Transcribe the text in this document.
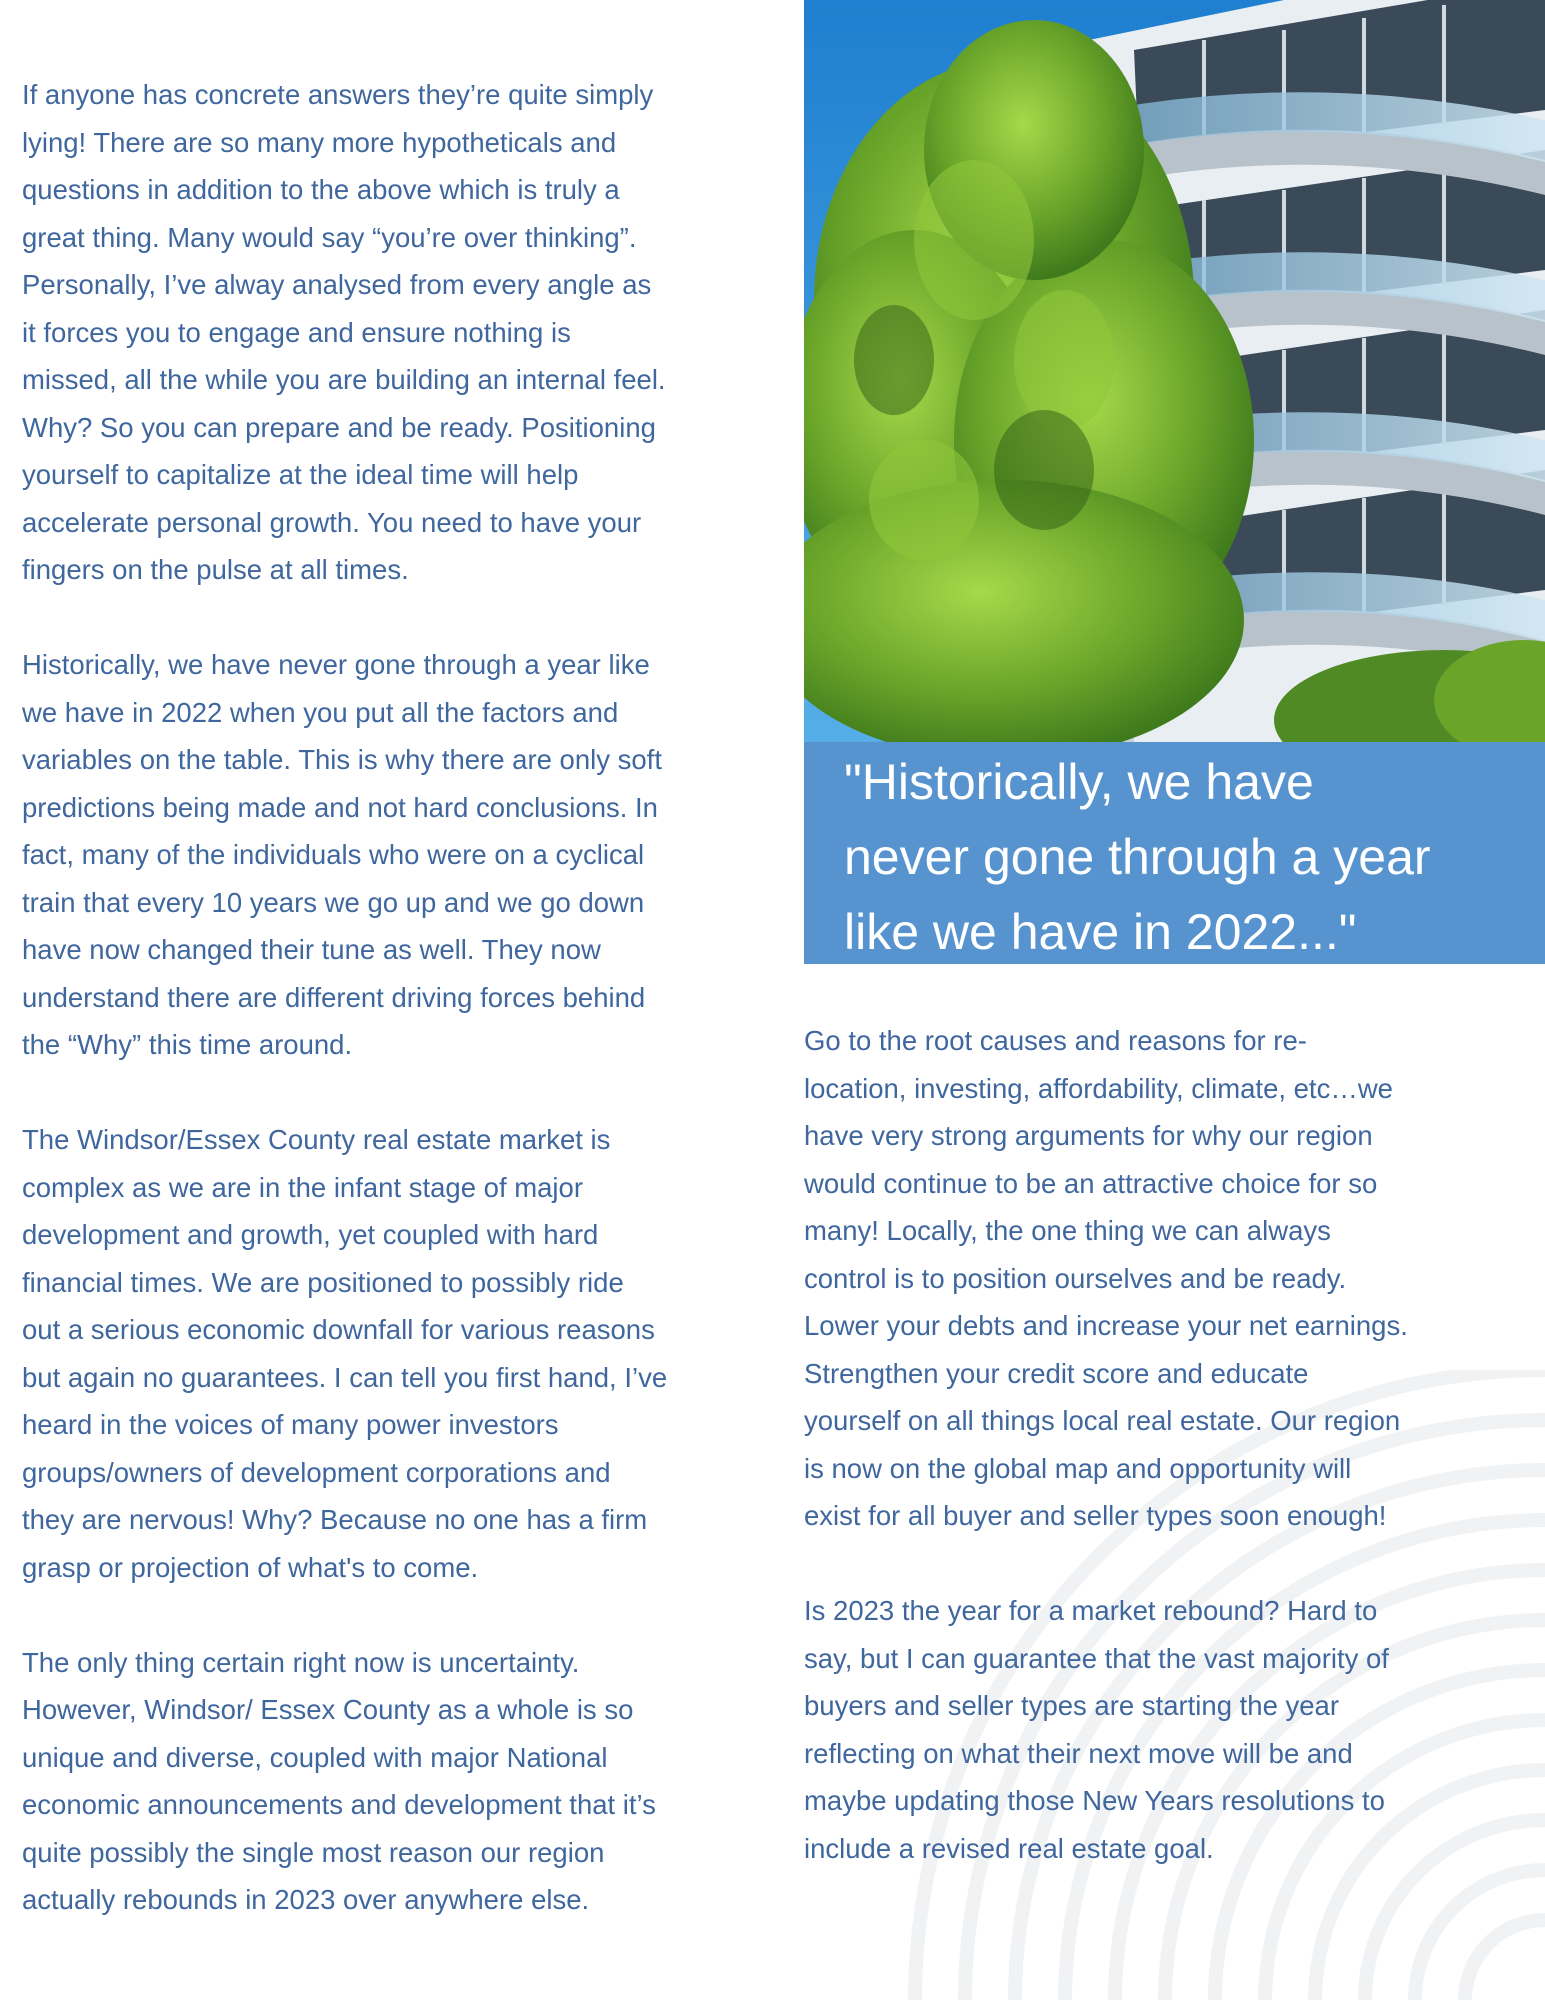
If anyone has concrete answers they’re quite simply
lying! There are so many more hypotheticals and
questions in addition to the above which is truly a
great thing. Many would say “you’re over thinking”.
Personally, I’ve alway analysed from every angle as
it forces you to engage and ensure nothing is
missed, all the while you are building an internal feel.
Why? So you can prepare and be ready. Positioning
yourself to capitalize at the ideal time will help
accelerate personal growth. You need to have your
fingers on the pulse at all times.

Historically, we have never gone through a year like
we have in 2022 when you put all the factors and
variables on the table. This is why there are only soft
predictions being made and not hard conclusions. In
fact, many of the individuals who were on a cyclical
train that every 10 years we go up and we go down
have now changed their tune as well. They now
understand there are different driving forces behind
the “Why” this time around.

The Windsor/Essex County real estate market is
complex as we are in the infant stage of major
development and growth, yet coupled with hard
financial times. We are positioned to possibly ride
out a serious economic downfall for various reasons
but again no guarantees. I can tell you first hand, I’ve
heard in the voices of many power investors
groups/owners of development corporations and
they are nervous! Why? Because no one has a firm
grasp or projection of what's to come.

The only thing certain right now is uncertainty.
However, Windsor/ Essex County as a whole is so
unique and diverse, coupled with major National
economic announcements and development that it’s
quite possibly the single most reason our region
actually rebounds in 2023 over anywhere else.

"Historically, we have
never gone through a year
like we have in 2022..."

Go to the root causes and reasons for re-
location, investing, affordability, climate, etc…we
have very strong arguments for why our region
would continue to be an attractive choice for so
many! Locally, the one thing we can always
control is to position ourselves and be ready.
Lower your debts and increase your net earnings.
Strengthen your credit score and educate
yourself on all things local real estate. Our region
is now on the global map and opportunity will
exist for all buyer and seller types soon enough!

Is 2023 the year for a market rebound? Hard to
say, but I can guarantee that the vast majority of
buyers and seller types are starting the year
reflecting on what their next move will be and
maybe updating those New Years resolutions to
include a revised real estate goal.
